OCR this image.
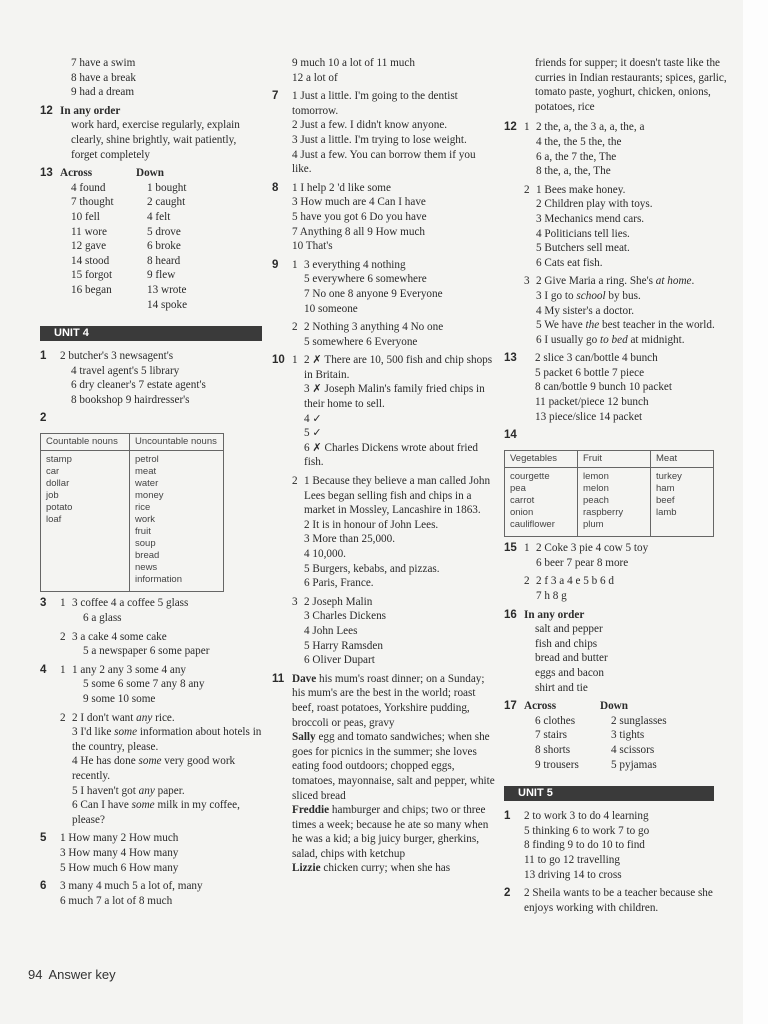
7 have a swim
8 have a break
9 had a dream
12 In any order
work hard, exercise regularly, explain clearly, shine brightly, wait patiently, forget completely
13 Across
4 found
7 thought
10 fell
11 wore
12 gave
14 stood
15 forgot
16 began
Down
1 bought
2 caught
4 felt
5 drove
6 broke
8 heard
9 flew
13 wrote
14 spoke
UNIT 4
1	2 butcher's 3 newsagent's
4 travel agent's 5 library
6 dry cleaner's 7 estate agent's
8 bookshop 9 hairdresser's
2
Countable nouns	Uncountable nouns
stamp	petrol
car	meat
dollar	water
job	money
potato	rice
loaf	work
	fruit
	soup
	bread
	news
	information
3	1 3 coffee 4 a coffee 5 glass
6 a glass
2 3 a cake 4 some cake
5 a newspaper 6 some paper
4	1 1 any 2 any 3 some 4 any
5 some 6 some 7 any 8 any
9 some 10 some
2 2 I don't want any rice.
3 I'd like some information about hotels in the country, please.
4 He has done some very good work recently.
5 I haven't got any paper.
6 Can I have some milk in my coffee, please?
5	1 How many 2 How much
3 How many 4 How many
5 How much 6 How many
6	3 many 4 much 5 a lot of, many
6 much 7 a lot of 8 much
9 much 10 a lot of 11 much
12 a lot of
7	1 Just a little. I'm going to the dentist tomorrow.
2 Just a few. I didn't know anyone.
3 Just a little. I'm trying to lose weight.
4 Just a few. You can borrow them if you like.
8	1 I help 2 'd like some
3 How much are 4 Can I have
5 have you got 6 Do you have
7 Anything 8 all 9 How much
10 That's
9	1 3 everything 4 nothing
5 everywhere 6 somewhere
7 No one 8 anyone 9 Everyone
10 someone
2 2 Nothing 3 anything 4 No one
5 somewhere 6 Everyone
10 1 2 ✗ There are 10, 500 fish and chip shops in Britain.
3 ✗ Joseph Malin's family fried chips in their home to sell.
4 ✓
5 ✓
6 ✗ Charles Dickens wrote about fried fish.
2 1 Because they believe a man called John Lees began selling fish and chips in a market in Mossley, Lancashire in 1863.
2 It is in honour of John Lees.
3 More than 25,000.
4 10,000.
5 Burgers, kebabs, and pizzas.
6 Paris, France.
3 2 Joseph Malin
3 Charles Dickens
4 John Lees
5 Harry Ramsden
6 Oliver Dupart
11 Dave his mum's roast dinner; on a Sunday; his mum's are the best in the world; roast beef, roast potatoes, Yorkshire pudding, broccoli or peas, gravy
Sally egg and tomato sandwiches; when she goes for picnics in the summer; she loves eating food outdoors; chopped eggs, tomatoes, mayonnaise, salt and pepper, white sliced bread
Freddie hamburger and chips; two or three times a week; because he ate so many when he was a kid; a big juicy burger, gherkins, salad, chips with ketchup
Lizzie chicken curry; when she has
friends for supper; it doesn't taste like the curries in Indian restaurants; spices, garlic, tomato paste, yoghurt, chicken, onions, potatoes, rice
12 1 2 the, a, the 3 a, a, the, a
4 the, the 5 the, the
6 a, the 7 the, The
8 the, a, the, The
2 1 Bees make honey.
2 Children play with toys.
3 Mechanics mend cars.
4 Politicians tell lies.
5 Butchers sell meat.
6 Cats eat fish.
3 2 Give Maria a ring. She's at home.
3 I go to school by bus.
4 My sister's a doctor.
5 We have the best teacher in the world.
6 I usually go to bed at midnight.
13	2 slice 3 can/bottle 4 bunch
5 packet 6 bottle 7 piece
8 can/bottle 9 bunch 10 packet
11 packet/piece 12 bunch
13 piece/slice 14 packet
14
Vegetables	Fruit	Meat
courgette	lemon	turkey
pea	melon	ham
carrot	peach	beef
onion	raspberry	lamb
cauliflower	plum	
15 1 2 Coke 3 pie 4 cow 5 toy
6 beer 7 pear 8 more
2 2 f 3 a 4 e 5 b 6 d
7 h 8 g
16 In any order
salt and pepper
fish and chips
bread and butter
eggs and bacon
shirt and tie
17 Across
6 clothes
7 stairs
8 shorts
9 trousers
Down
2 sunglasses
3 tights
4 scissors
5 pyjamas
UNIT 5
1	2 to work 3 to do 4 learning
5 thinking 6 to work 7 to go
8 finding 9 to do 10 to find
11 to go 12 travelling
13 driving 14 to cross
2	2 Sheila wants to be a teacher because she enjoys working with children.
94 Answer key
